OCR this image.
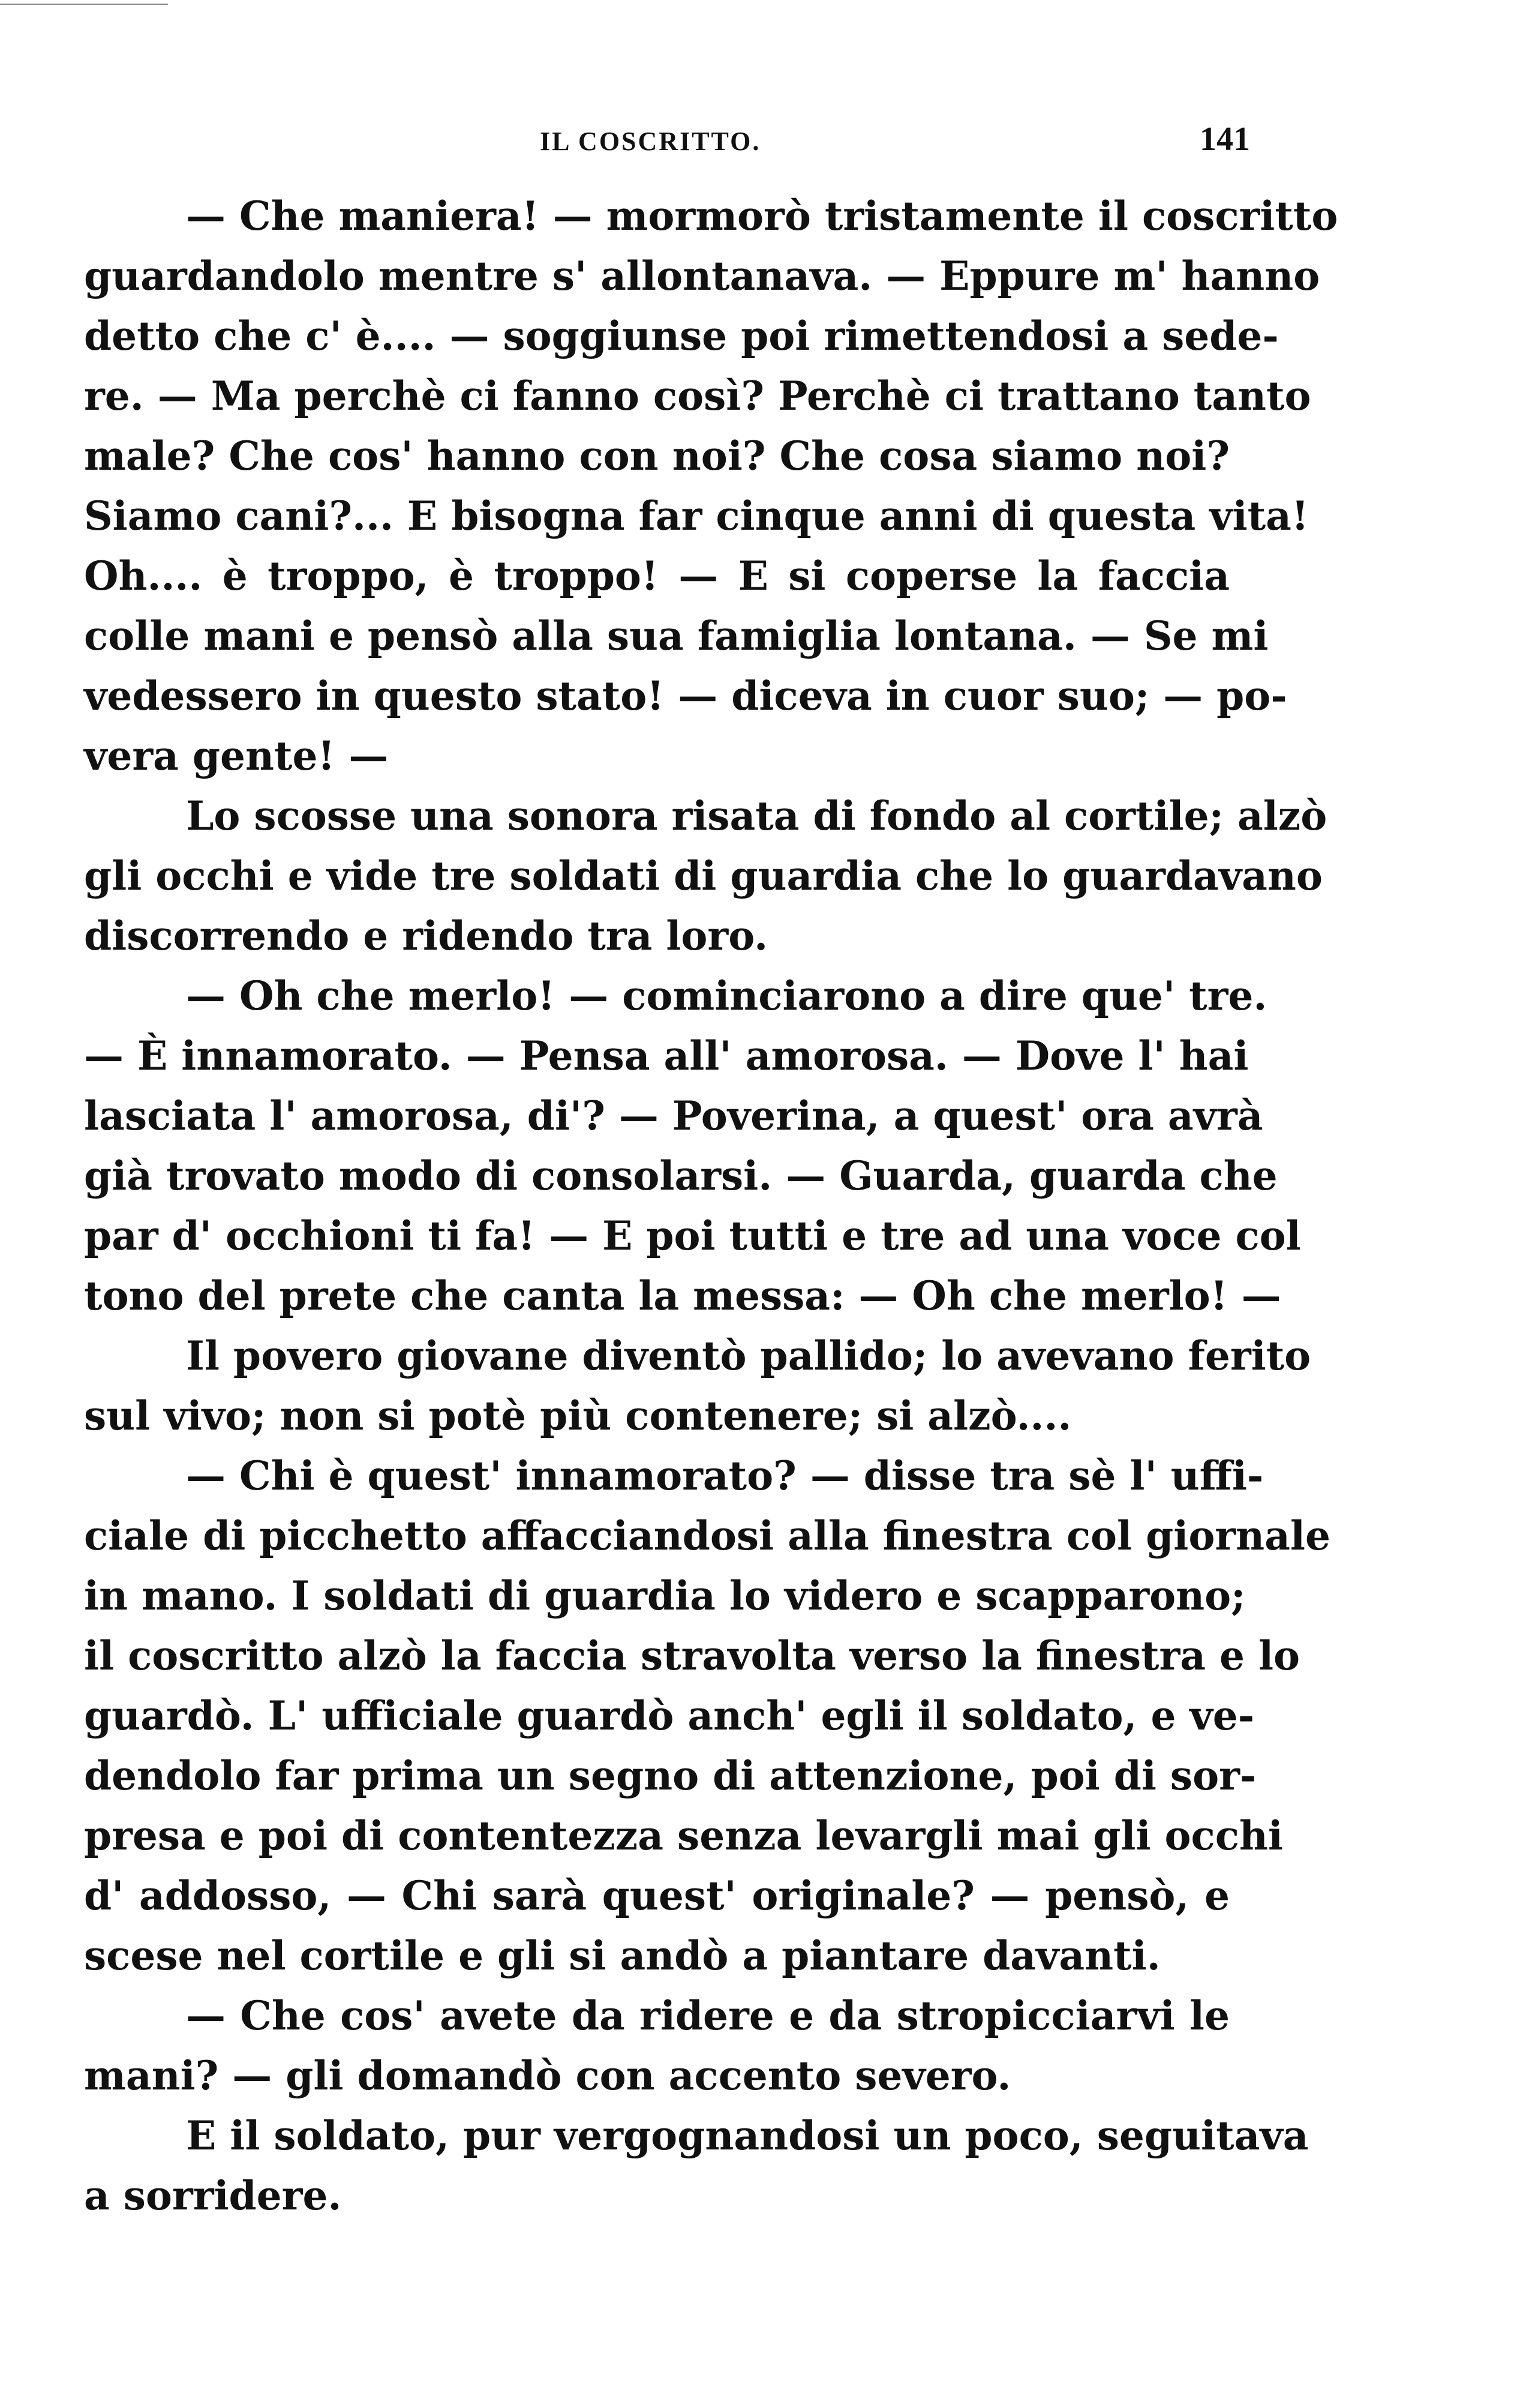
IL COSCRITTO.	141
— Che maniera! — mormorò tristamente il coscritto
guardandolo mentre s' allontanava. — Eppure m' hanno
detto che c' è.... — soggiunse poi rimettendosi a sede-
re. — Ma perchè ci fanno così? Perchè ci trattano tanto
male? Che cos' hanno con noi? Che cosa siamo noi?
Siamo cani?... E bisogna far cinque anni di questa vita!
Oh.... è troppo, è troppo! — E si coperse la faccia
colle mani e pensò alla sua famiglia lontana. — Se mi
vedessero in questo stato! — diceva in cuor suo; — po-
vera gente! —
Lo scosse una sonora risata di fondo al cortile; alzò
gli occhi e vide tre soldati di guardia che lo guardavano
discorrendo e ridendo tra loro.
— Oh che merlo! — cominciarono a dire que' tre.
— È innamorato. — Pensa all' amorosa. — Dove l' hai
lasciata l' amorosa, di'? — Poverina, a quest' ora avrà
già trovato modo di consolarsi. — Guarda, guarda che
par d' occhioni ti fa! — E poi tutti e tre ad una voce col
tono del prete che canta la messa: — Oh che merlo! —
Il povero giovane diventò pallido; lo avevano ferito
sul vivo; non si potè più contenere; si alzò....
— Chi è quest' innamorato? — disse tra sè l' uffi-
ciale di picchetto affacciandosi alla finestra col giornale
in mano. I soldati di guardia lo videro e scapparono;
il coscritto alzò la faccia stravolta verso la finestra e lo
guardò. L' ufficiale guardò anch' egli il soldato, e ve-
dendolo far prima un segno di attenzione, poi di sor-
presa e poi di contentezza senza levargli mai gli occhi
d' addosso, — Chi sarà quest' originale? — pensò, e
scese nel cortile e gli si andò a piantare davanti.
— Che cos' avete da ridere e da stropicciarvi le
mani? — gli domandò con accento severo.
E il soldato, pur vergognandosi un poco, seguitava
a sorridere.
